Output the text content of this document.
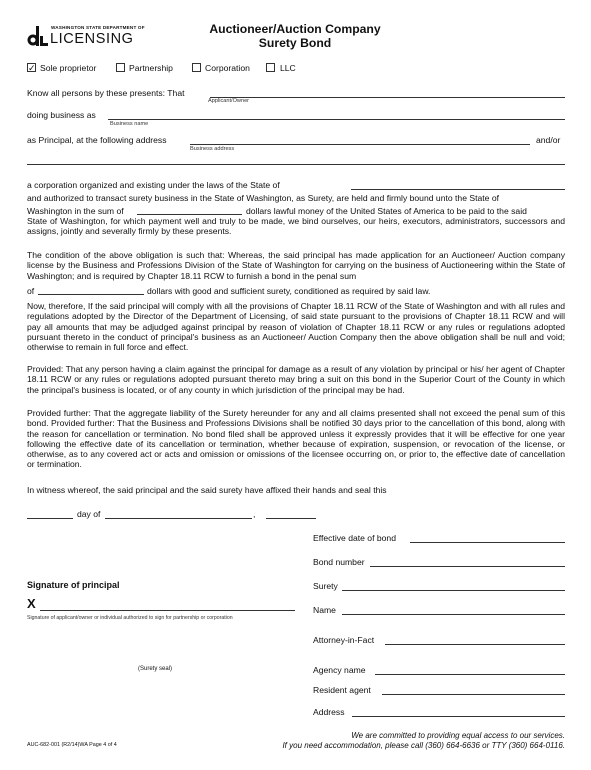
WASHINGTON STATE DEPARTMENT OF
LICENSING
Auctioneer/Auction Company
Surety Bond
✓ Sole proprietor	Partnership	Corporation	LLC
Know all persons by these presents: That
Applicant/Owner
doing business as
Business name
as Principal, at the following address
Business address
and/or
a corporation organized and existing under the laws of the State of
and authorized to transact surety business in the State of Washington, as Surety, are held and firmly bound unto the State of
Washington in the sum of	dollars lawful money of the United States of America to be paid to the said
State of Washington, for which payment well and truly to be made, we bind ourselves, our heirs, executors, administrators, successors and assigns, jointly and severally firmly by these presents.
The condition of the above obligation is such that: Whereas, the said principal has made application for an Auctioneer/ Auction company license by the Business and Professions Division of the State of Washington for carrying on the business of Auctioneering within the State of Washington; and is required by Chapter 18.11 RCW to furnish a bond in the penal sum
of	dollars with good and sufficient surety, conditioned as required by said law.
Now, therefore, If the said principal will comply with all the provisions of Chapter 18.11 RCW of the State of Washington and with all rules and regulations adopted by the Director of the Department of Licensing, of said state pursuant to the provisions of Chapter 18.11 RCW and will pay all amounts that may be adjudged against principal by reason of violation of Chapter 18.11 RCW or any rules or regulations adopted pursuant thereto in the conduct of principal's business as an Auctioneer/ Auction Company then the above obligation shall be null and void; otherwise to remain in full force and effect.
Provided: That any person having a claim against the principal for damage as a result of any violation by principal or his/ her agent of Chapter 18.11 RCW or any rules or regulations adopted pursuant thereto may bring a suit on this bond in the Superior Court of the County in which the principal's business is located, or of any county in which jurisdiction of the principal may be had.
Provided further: That the aggregate liability of the Surety hereunder for any and all claims presented shall not exceed the penal sum of this bond. Provided further: That the Business and Professions Divisions shall be notified 30 days prior to the cancellation of this bond, along with the reason for cancellation or termination. No bond filed shall be approved unless it expressly provides that it will be effective for one year following the effective date of its cancellation or termination, whether because of expiration, suspension, or revocation of the license, or otherwise, as to any covered act or acts and omission or omissions of the licensee occurring on, or prior to, the effective date of cancellation or termination.
In witness whereof, the said principal and the said surety have affixed their hands and seal this
day of	,
Effective date of bond
Bond number
Surety
Name
Attorney-in-Fact
Agency name
Resident agent
Address
Signature of principal
X
Signature of applicant/owner or individual authorized to sign for partnership or corporation
(Surety seal)
AUC-682-001 (R2/14)WA Page 4 of 4
We are committed to providing equal access to our services.
If you need accommodation, please call (360) 664-6636 or TTY (360) 664-0116.
